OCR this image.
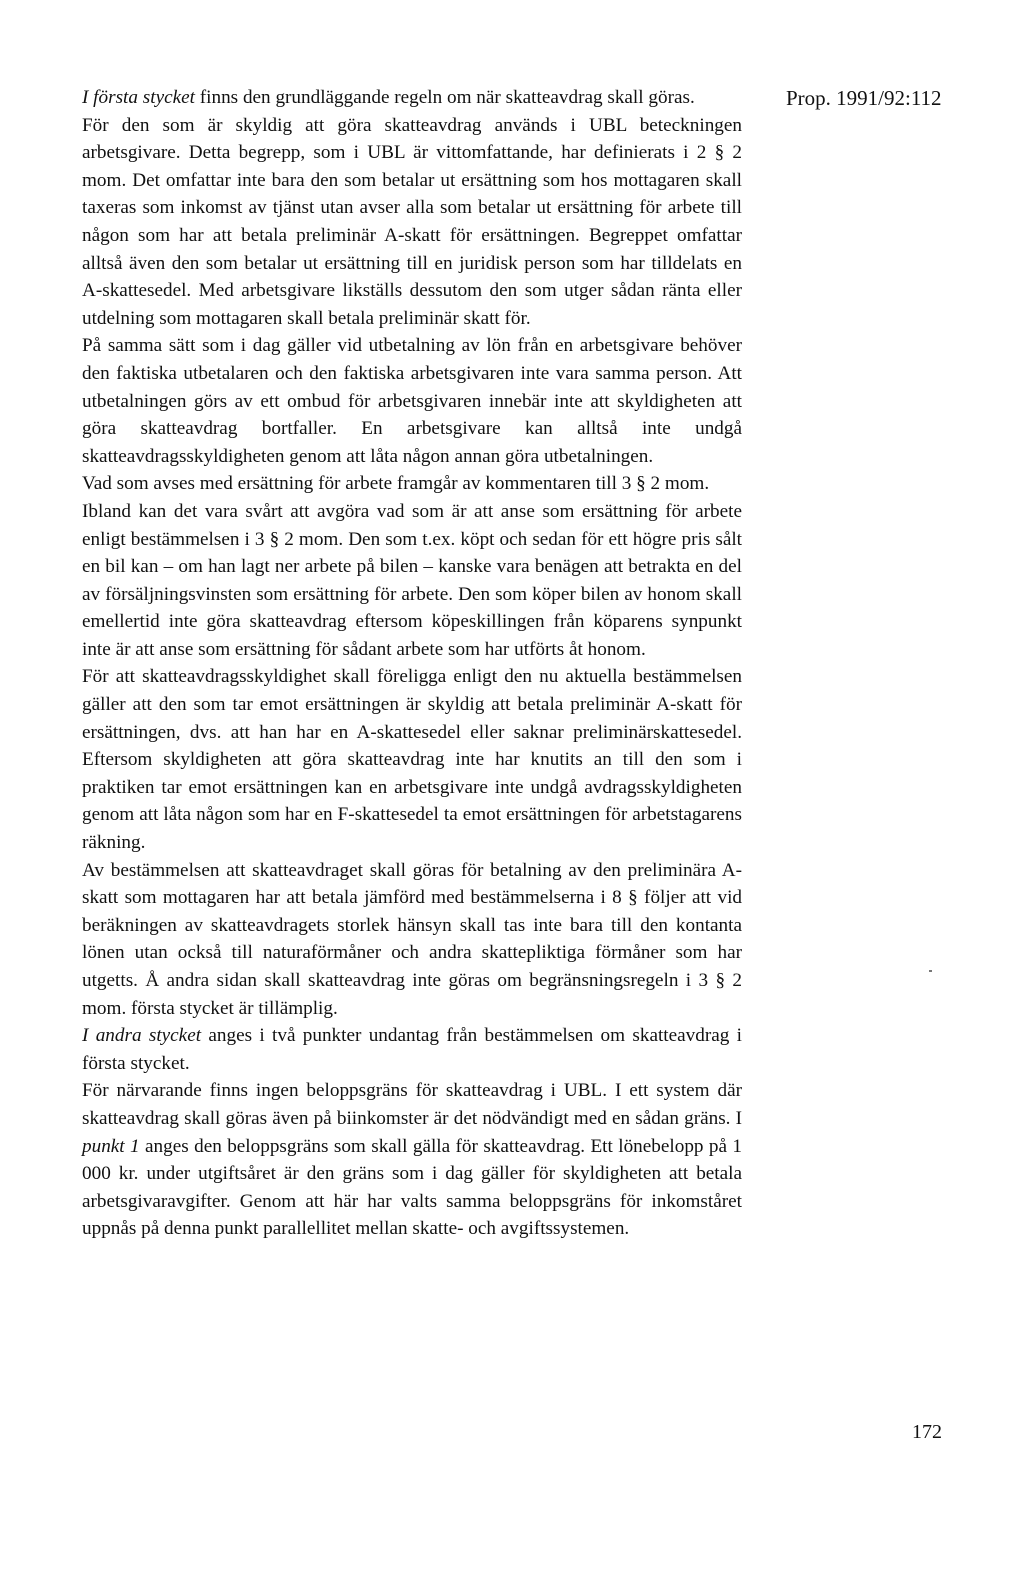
Prop. 1991/92:112

I första stycket finns den grundläggande regeln om när skatteavdrag skall göras.

För den som är skyldig att göra skatteavdrag används i UBL beteckningen arbetsgivare. Detta begrepp, som i UBL är vittomfattande, har definierats i 2 § 2 mom. Det omfattar inte bara den som betalar ut ersättning som hos mottagaren skall taxeras som inkomst av tjänst utan avser alla som betalar ut ersättning för arbete till någon som har att betala preliminär A-skatt för ersättningen. Begreppet omfattar alltså även den som betalar ut ersättning till en juridisk person som har tilldelats en A-skattesedel. Med arbetsgivare likställs dessutom den som utger sådan ränta eller utdelning som mottagaren skall betala preliminär skatt för.

På samma sätt som i dag gäller vid utbetalning av lön från en arbetsgivare behöver den faktiska utbetalaren och den faktiska arbetsgivaren inte vara samma person. Att utbetalningen görs av ett ombud för arbetsgivaren innebär inte att skyldigheten att göra skatteavdrag bortfaller. En arbetsgivare kan alltså inte undgå skatteavdragsskyldigheten genom att låta någon annan göra utbetalningen.

Vad som avses med ersättning för arbete framgår av kommentaren till 3 § 2 mom.

Ibland kan det vara svårt att avgöra vad som är att anse som ersättning för arbete enligt bestämmelsen i 3 § 2 mom. Den som t.ex. köpt och sedan för ett högre pris sålt en bil kan – om han lagt ner arbete på bilen – kanske vara benägen att betrakta en del av försäljningsvinsten som ersättning för arbete. Den som köper bilen av honom skall emellertid inte göra skatteavdrag eftersom köpeskillingen från köparens synpunkt inte är att anse som ersättning för sådant arbete som har utförts åt honom.

För att skatteavdragsskyldighet skall föreligga enligt den nu aktuella bestämmelsen gäller att den som tar emot ersättningen är skyldig att betala preliminär A-skatt för ersättningen, dvs. att han har en A-skattesedel eller saknar preliminärskattesedel. Eftersom skyldigheten att göra skatteavdrag inte har knutits an till den som i praktiken tar emot ersättningen kan en arbetsgivare inte undgå avdragsskyldigheten genom att låta någon som har en F-skattesedel ta emot ersättningen för arbetstagarens räkning.

Av bestämmelsen att skatteavdraget skall göras för betalning av den preliminära A-skatt som mottagaren har att betala jämförd med bestämmelserna i 8 § följer att vid beräkningen av skatteavdragets storlek hänsyn skall tas inte bara till den kontanta lönen utan också till naturaförmåner och andra skattepliktiga förmåner som har utgetts. Å andra sidan skall skatteavdrag inte göras om begränsningsregeln i 3 § 2 mom. första stycket är tillämplig.

I andra stycket anges i två punkter undantag från bestämmelsen om skatteavdrag i första stycket.

För närvarande finns ingen beloppsgräns för skatteavdrag i UBL. I ett system där skatteavdrag skall göras även på biinkomster är det nödvändigt med en sådan gräns. I punkt 1 anges den beloppsgräns som skall gälla för skatteavdrag. Ett lönebelopp på 1 000 kr. under utgiftsåret är den gräns som i dag gäller för skyldigheten att betala arbetsgivaravgifter. Genom att här har valts samma beloppsgräns för inkomståret uppnås på denna punkt parallellitet mellan skatte- och avgiftssystemen.

172
